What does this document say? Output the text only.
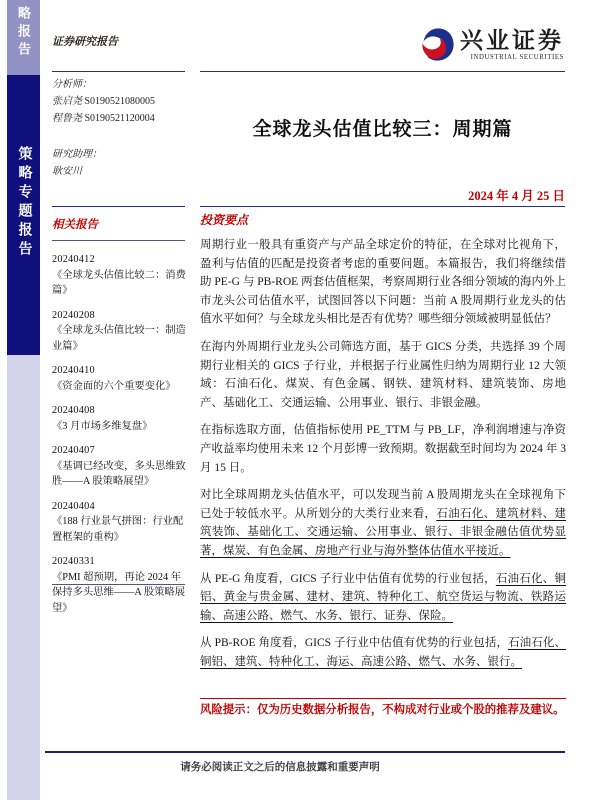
略报告
策略专题报告
证券研究报告	兴业证券
INDUSTRIAL SECURITIES
分析师：
张启尧 S0190521080005
程鲁尧 S0190521120004
研究助理：
耿安川
全球龙头估值比较三：周期篇
2024 年 4 月 25 日
相关报告
20240412
《全球龙头估值比较二：消费篇》
20240208
《全球龙头估值比较一：制造业篇》
20240410
《资金面的六个重要变化》
20240408
《3 月市场多维复盘》
20240407
《基调已经改变，多头思维致胜——A 股策略展望》
20240404
《188 行业景气拼图：行业配置框架的重构》
20240331
《PMI 超预期，再论 2024 年保持多头思维——A 股策略展望》
投资要点

周期行业一般具有重资产与产品全球定价的特征，在全球对比视角下，盈利与估值的匹配是投资者考虑的重要问题。本篇报告，我们将继续借助 PE-G 与 PB-ROE 两套估值框架，考察周期行业各细分领域的海内外上市龙头公司估值水平，试图回答以下问题：当前 A 股周期行业龙头的估值水平如何？与全球龙头相比是否有优势？哪些细分领域被明显低估？

在海内外周期行业龙头公司筛选方面，基于 GICS 分类，共选择 39 个周期行业相关的 GICS 子行业，并根据子行业属性归纳为周期行业 12 大领域：石油石化、煤炭、有色金属、钢铁、建筑材料、建筑装饰、房地产、基础化工、交通运输、公用事业、银行、非银金融。

在指标选取方面，估值指标使用 PE_TTM 与 PB_LF，净利润增速与净资产收益率均使用未来 12 个月彭博一致预期。数据截至时间均为 2024 年 3 月 15 日。

对比全球周期龙头估值水平，可以发现当前 A 股周期龙头在全球视角下已处于较低水平。从所划分的大类行业来看，石油石化、建筑材料、建筑装饰、基础化工、交通运输、公用事业、银行、非银金融估值优势显著，煤炭、有色金属、房地产行业与海外整体估值水平接近。

从 PE-G 角度看，GICS 子行业中估值有优势的行业包括，石油石化、铜铝、黄金与贵金属、建材、建筑、特种化工、航空货运与物流、铁路运输、高速公路、燃气、水务、银行、证券、保险。

从 PB-ROE 角度看，GICS 子行业中估值有优势的行业包括，石油石化、铜铝、建筑、特种化工、海运、高速公路、燃气、水务、银行。

风险提示：仅为历史数据分析报告，不构成对行业或个股的推荐及建议。
请务必阅读正文之后的信息披露和重要声明
